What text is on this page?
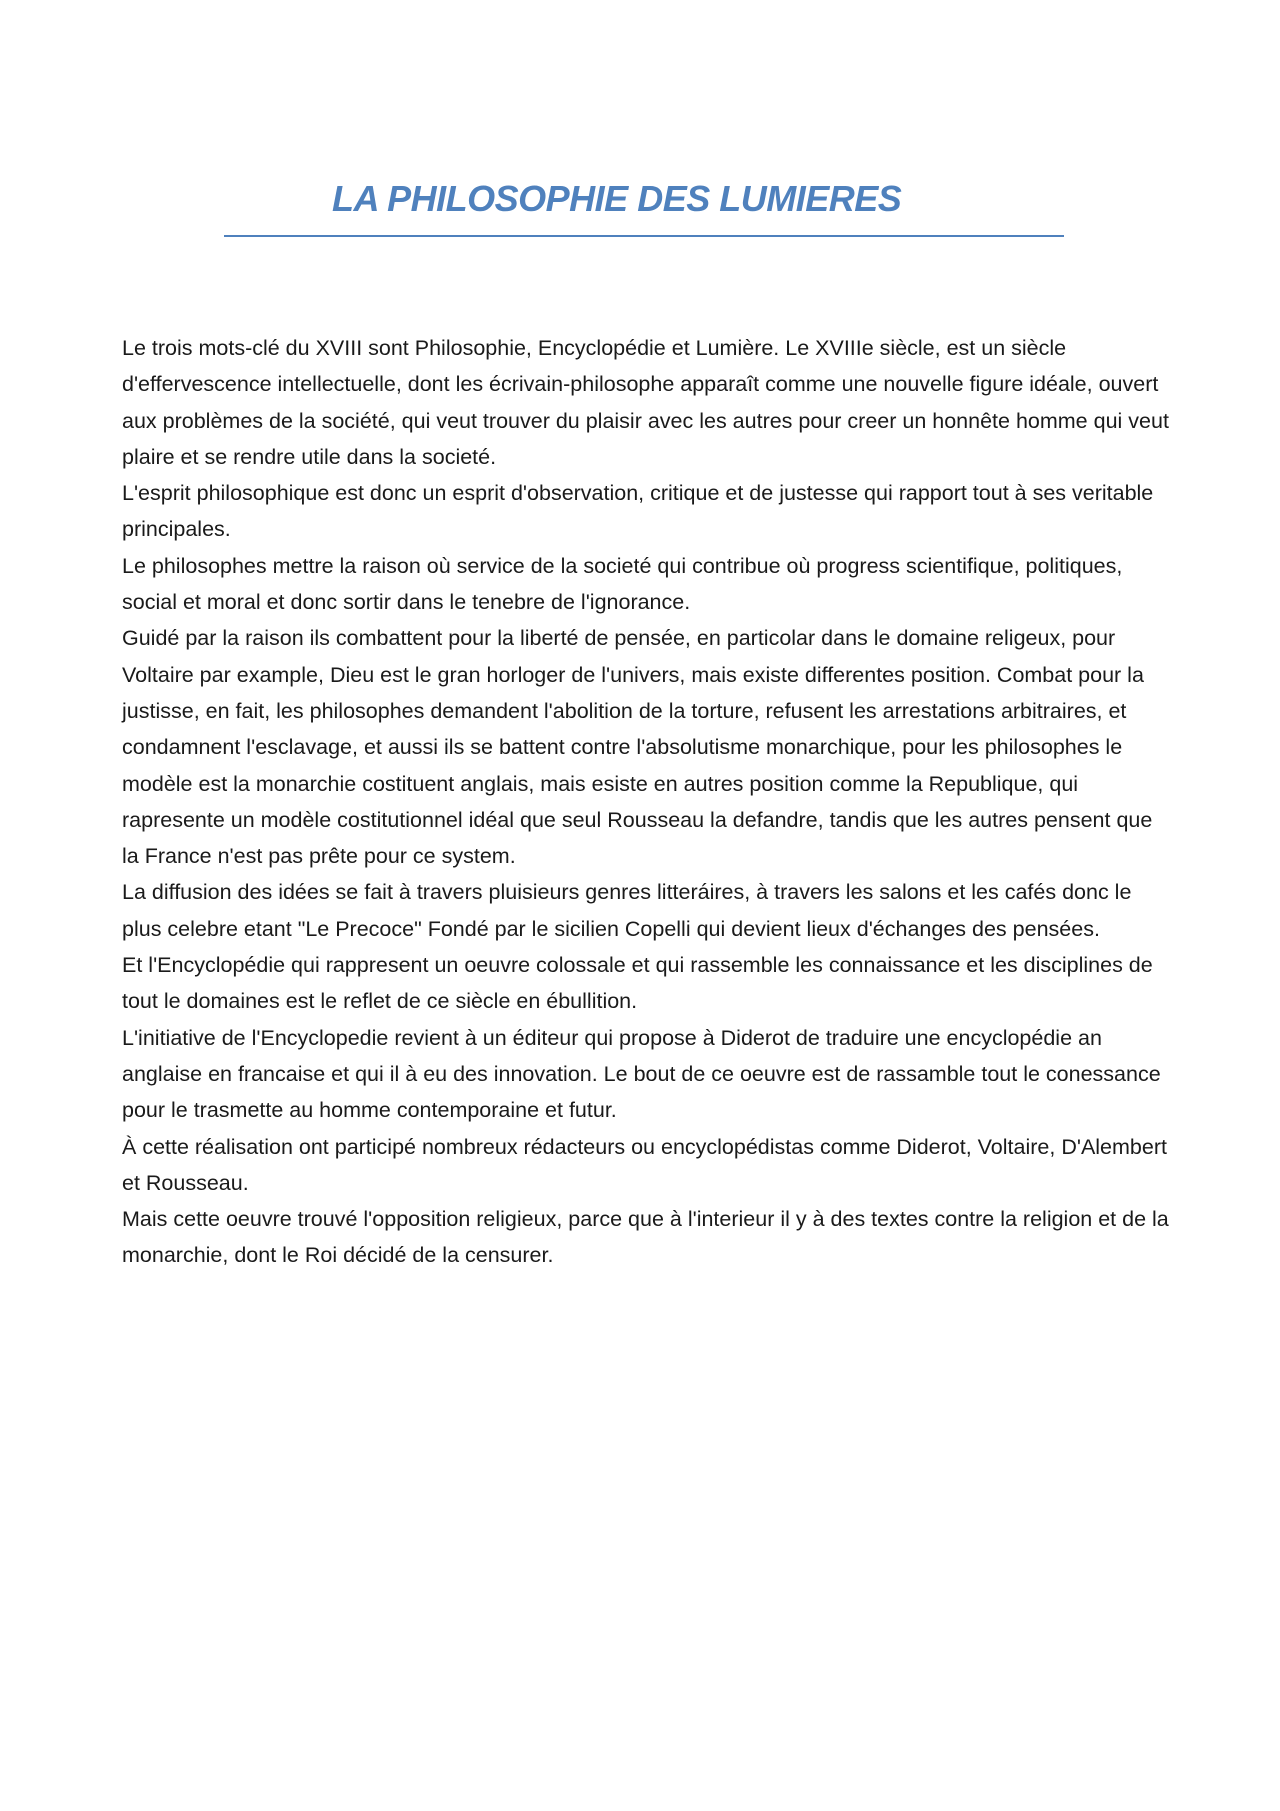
LA PHILOSOPHIE DES LUMIERES

Le trois mots-clé du XVIII sont Philosophie, Encyclopédie et Lumière. Le XVIIIe siècle, est un siècle d'effervescence intellectuelle, dont les écrivain-philosophe apparaît comme une nouvelle figure idéale, ouvert aux problèmes de la société, qui veut trouver du plaisir avec les autres pour creer un honnête homme qui veut plaire et se rendre utile dans la societé.

L'esprit philosophique est donc un esprit d'observation, critique et de justesse qui rapport tout à ses veritable principales.

Le philosophes mettre la raison où service de la societé qui contribue où progress scientifique, politiques, social et moral et donc sortir dans le tenebre de l'ignorance.

Guidé par la raison ils combattent pour la liberté de pensée, en particolar dans le domaine religeux, pour Voltaire par example, Dieu est le gran horloger de l'univers, mais existe differentes position. Combat pour la justisse, en fait, les philosophes demandent l'abolition de la torture, refusent les arrestations arbitraires, et condamnent l'esclavage, et aussi ils se battent contre l'absolutisme monarchique, pour les philosophes le modèle est la monarchie costituent anglais, mais esiste en autres position comme la Republique, qui rapresente un modèle costitutionnel idéal que seul Rousseau la defandre, tandis que les autres pensent que la France n'est pas prête pour ce system.

La diffusion des idées se fait à travers pluisieurs genres litteráires, à travers les salons et les cafés donc le plus celebre etant "Le Precoce" Fondé par le sicilien Copelli qui devient lieux d'échanges des pensées.

Et l'Encyclopédie qui rappresent un oeuvre colossale et qui rassemble les connaissance et les disciplines de tout le domaines est le reflet de ce siècle en ébullition.

L'initiative de l'Encyclopedie revient à un éditeur qui propose à Diderot de traduire une encyclopédie an anglaise en francaise et qui il à eu des innovation. Le bout de ce oeuvre est de rassamble tout le conessance pour le trasmette au homme contemporaine et futur.

À cette réalisation ont participé nombreux rédacteurs ou encyclopédistas comme Diderot, Voltaire, D'Alembert et Rousseau.

Mais cette oeuvre trouvé l'opposition religieux, parce que à l'interieur il y à des textes contre la religion et de la monarchie, dont le Roi décidé de la censurer.
